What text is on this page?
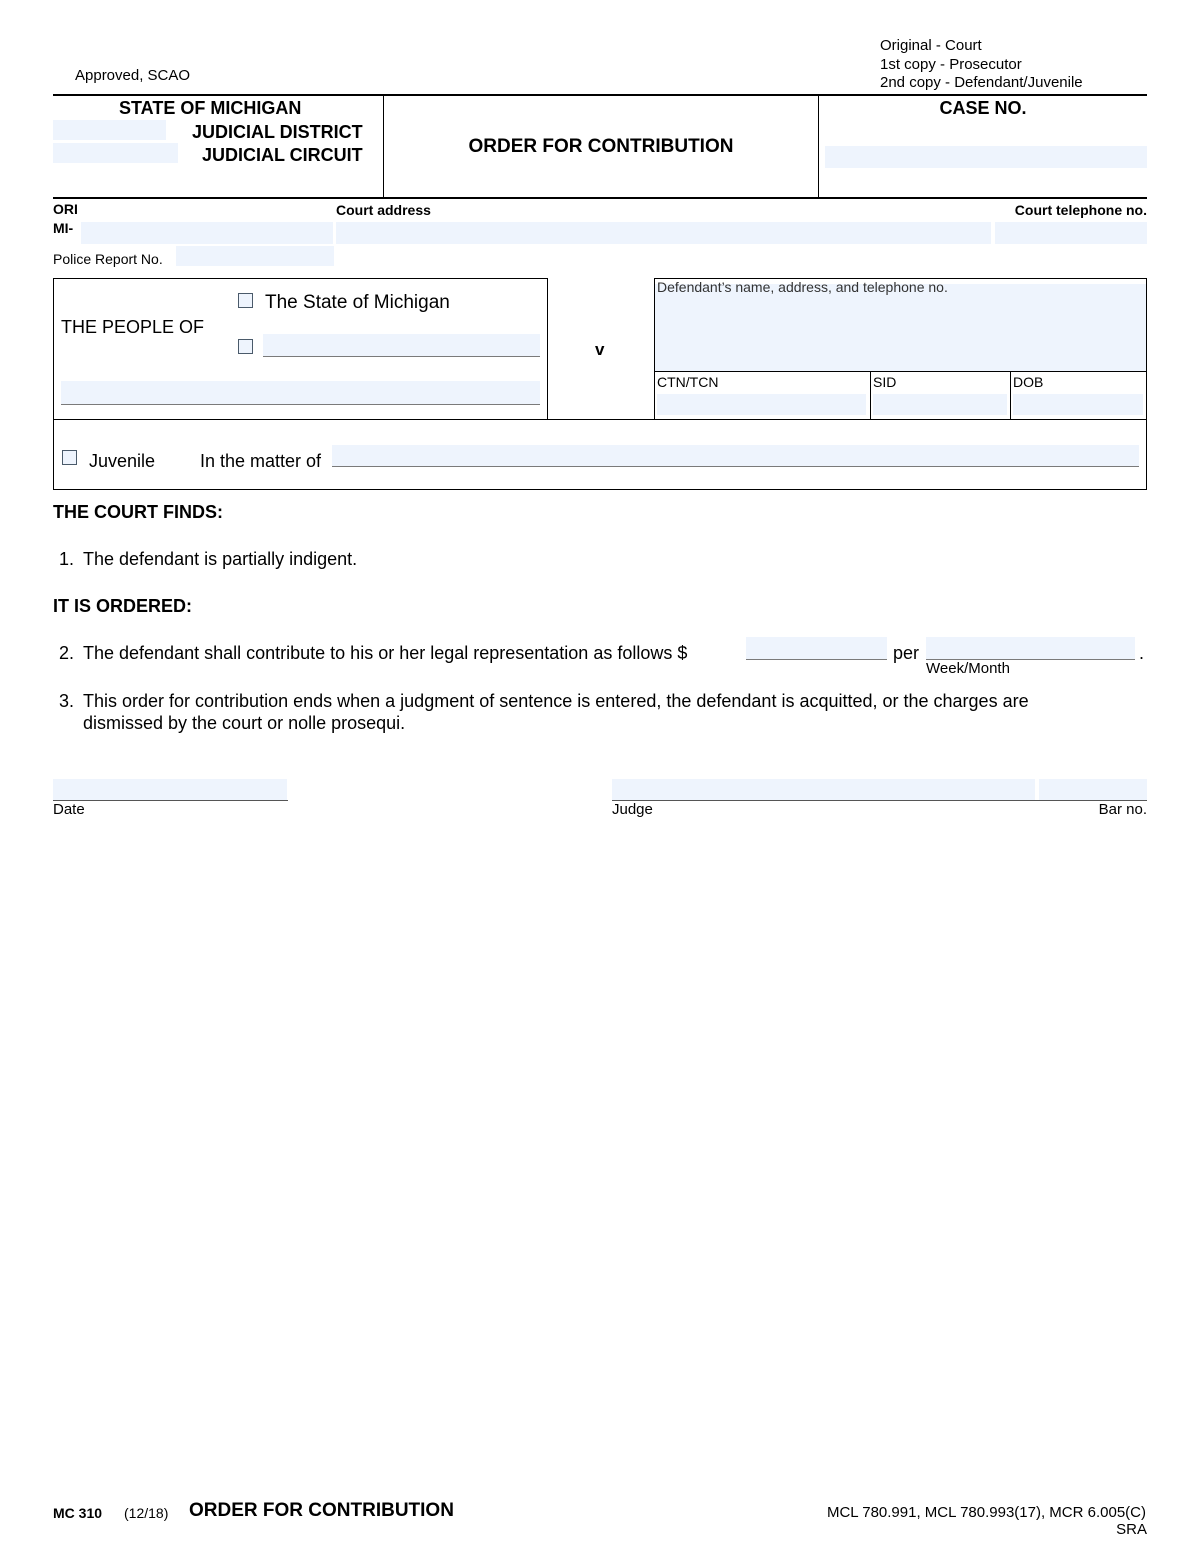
Approved, SCAO
Original - Court
1st copy - Prosecutor
2nd copy - Defendant/Juvenile
STATE OF MICHIGAN
JUDICIAL DISTRICT
JUDICIAL CIRCUIT	ORDER FOR CONTRIBUTION
CASE NO.
ORI
MI-
Court address	Court telephone no.
Police Report No.
THE PEOPLE OF
The State of Michigan
v
Defendant’s name, address, and telephone no.
CTN/TCN	SID	DOB
Juvenile In the matter of
THE COURT FINDS:
1. The defendant is partially indigent.
IT IS ORDERED:
2. The defendant shall contribute to his or her legal representation as follows $	per	.
Week/Month
3. This order for contribution ends when a judgment of sentence is entered, the defendant is acquitted, or the charges are
dismissed by the court or nolle prosequi.
Date	Judge	Bar no.
MC 310 (12/18) ORDER FOR CONTRIBUTION	MCL 780.991, MCL 780.993(17), MCR 6.005(C)
SRA
